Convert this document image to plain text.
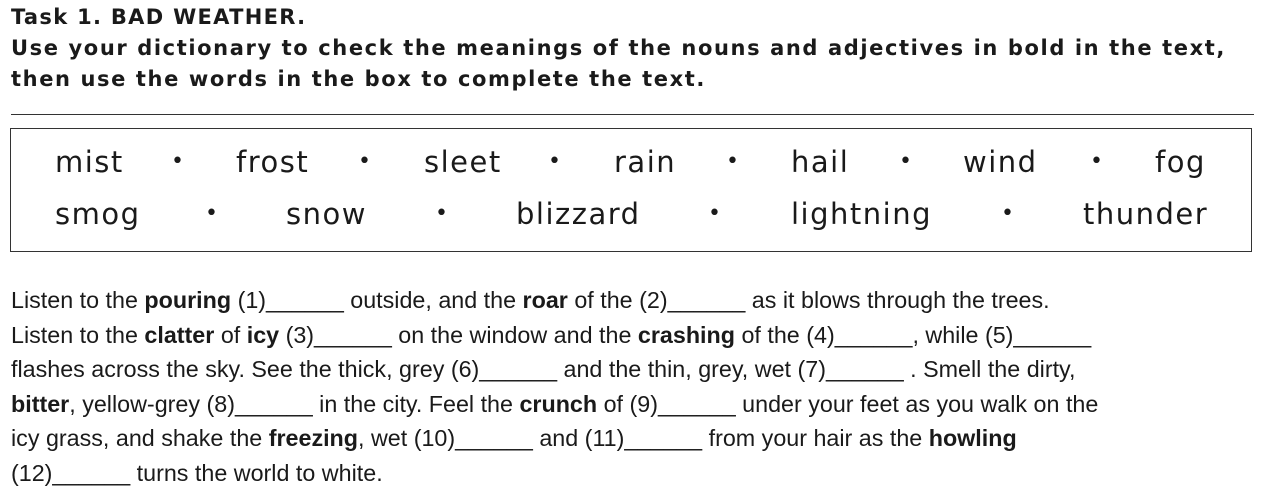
Task 1. BAD WEATHER.
Use your dictionary to check the meanings of the nouns and adjectives in bold in the text,
then use the words in the box to complete the text.
mist • frost • sleet • rain • hail • wind • fog
smog	• snow	• blizzard	• lightning	• thunder
Listen to the pouring (1)______ outside, and the roar of the (2)______ as it blows through the trees.
Listen to the clatter of icy (3)______ on the window and the crashing of the (4)______, while (5)______
flashes across the sky. See the thick, grey (6)______ and the thin, grey, wet (7)______ . Smell the dirty,
bitter, yellow-grey (8)______ in the city. Feel the crunch of (9)______ under your feet as you walk on the
icy grass, and shake the freezing, wet (10)______ and (11)______ from your hair as the howling
(12)______ turns the world to white.
